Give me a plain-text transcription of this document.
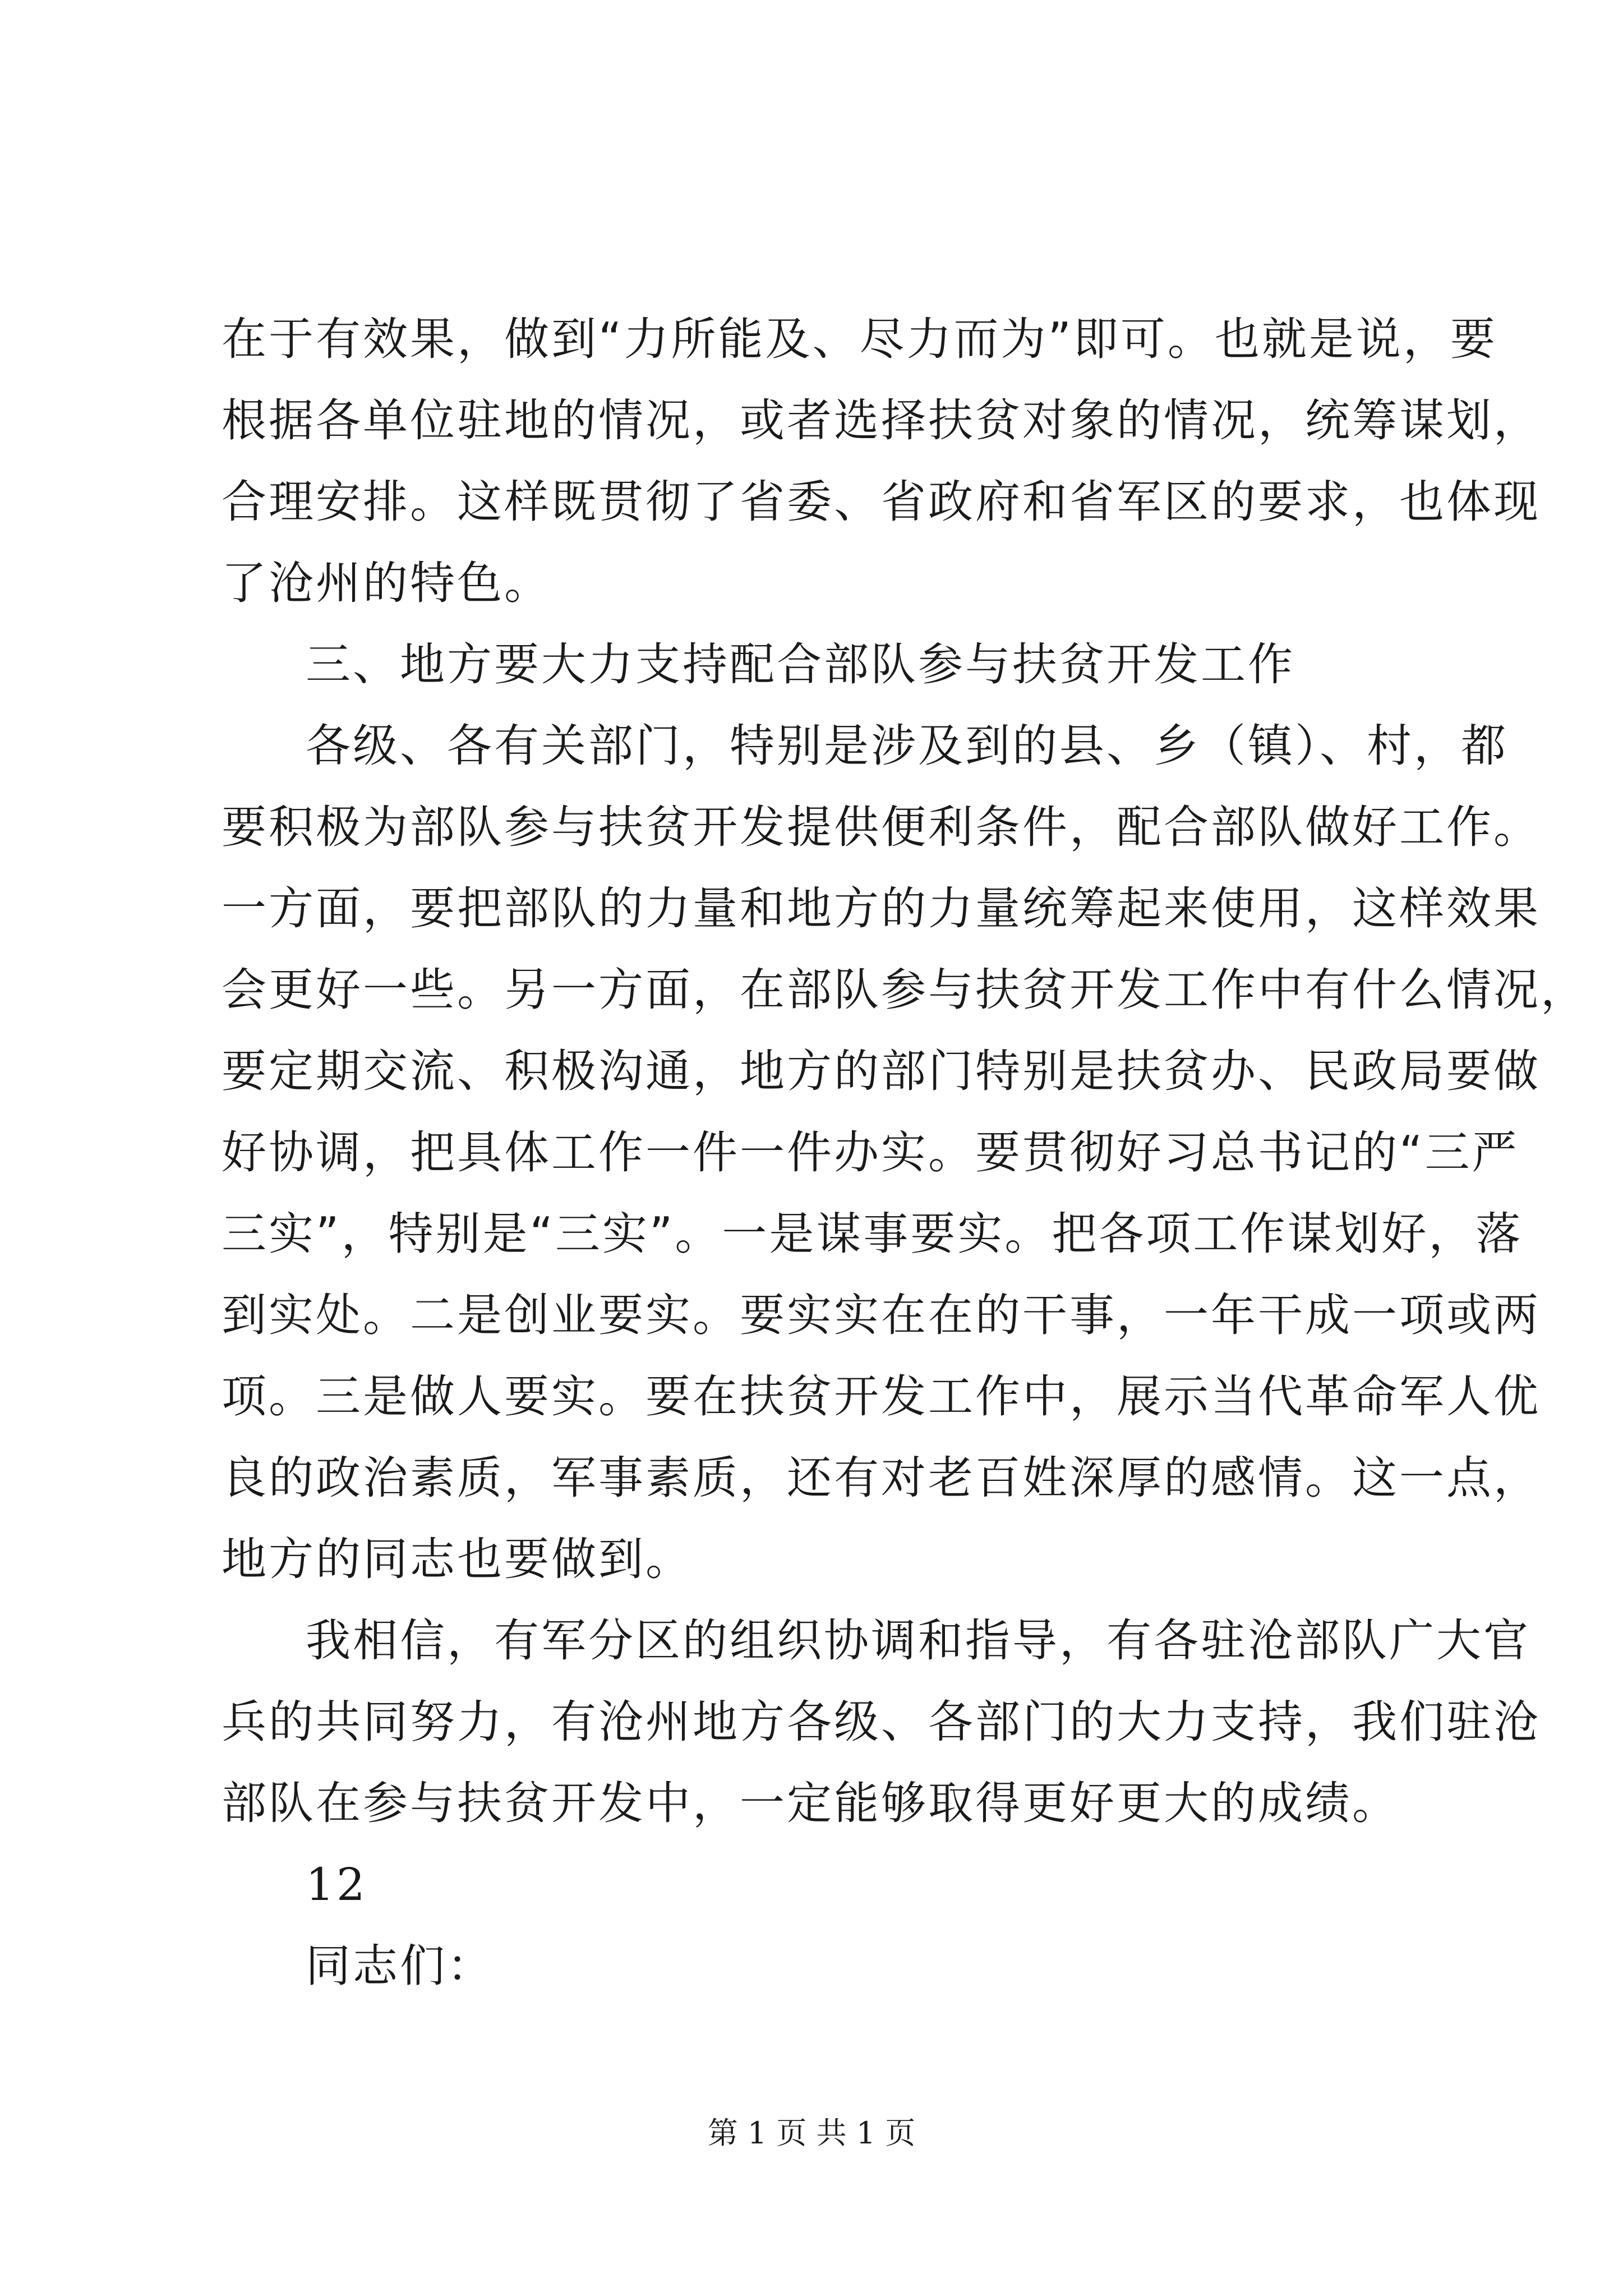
在于有效果，做到“力所能及、尽力而为”即可。也就是说，要

根据各单位驻地的情况，或者选择扶贫对象的情况，统筹谋划，

合理安排。这样既贯彻了省委、省政府和省军区的要求，也体现

了沧州的特色。

三、地方要大力支持配合部队参与扶贫开发工作

各级、各有关部门，特别是涉及到的县、乡（镇）、村，都

要积极为部队参与扶贫开发提供便利条件，配合部队做好工作。

一方面，要把部队的力量和地方的力量统筹起来使用，这样效果

会更好一些。另一方面，在部队参与扶贫开发工作中有什么情况，

要定期交流、积极沟通，地方的部门特别是扶贫办、民政局要做

好协调，把具体工作一件一件办实。要贯彻好习总书记的“三严

三实”，特别是“三实”。一是谋事要实。把各项工作谋划好，落

到实处。二是创业要实。要实实在在的干事，一年干成一项或两

项。三是做人要实。要在扶贫开发工作中，展示当代革命军人优

良的政治素质，军事素质，还有对老百姓深厚的感情。这一点，

地方的同志也要做到。

我相信，有军分区的组织协调和指导，有各驻沧部队广大官

兵的共同努力，有沧州地方各级、各部门的大力支持，我们驻沧

部队在参与扶贫开发中，一定能够取得更好更大的成绩。

12

同志们：

第 1 页 共 1 页
